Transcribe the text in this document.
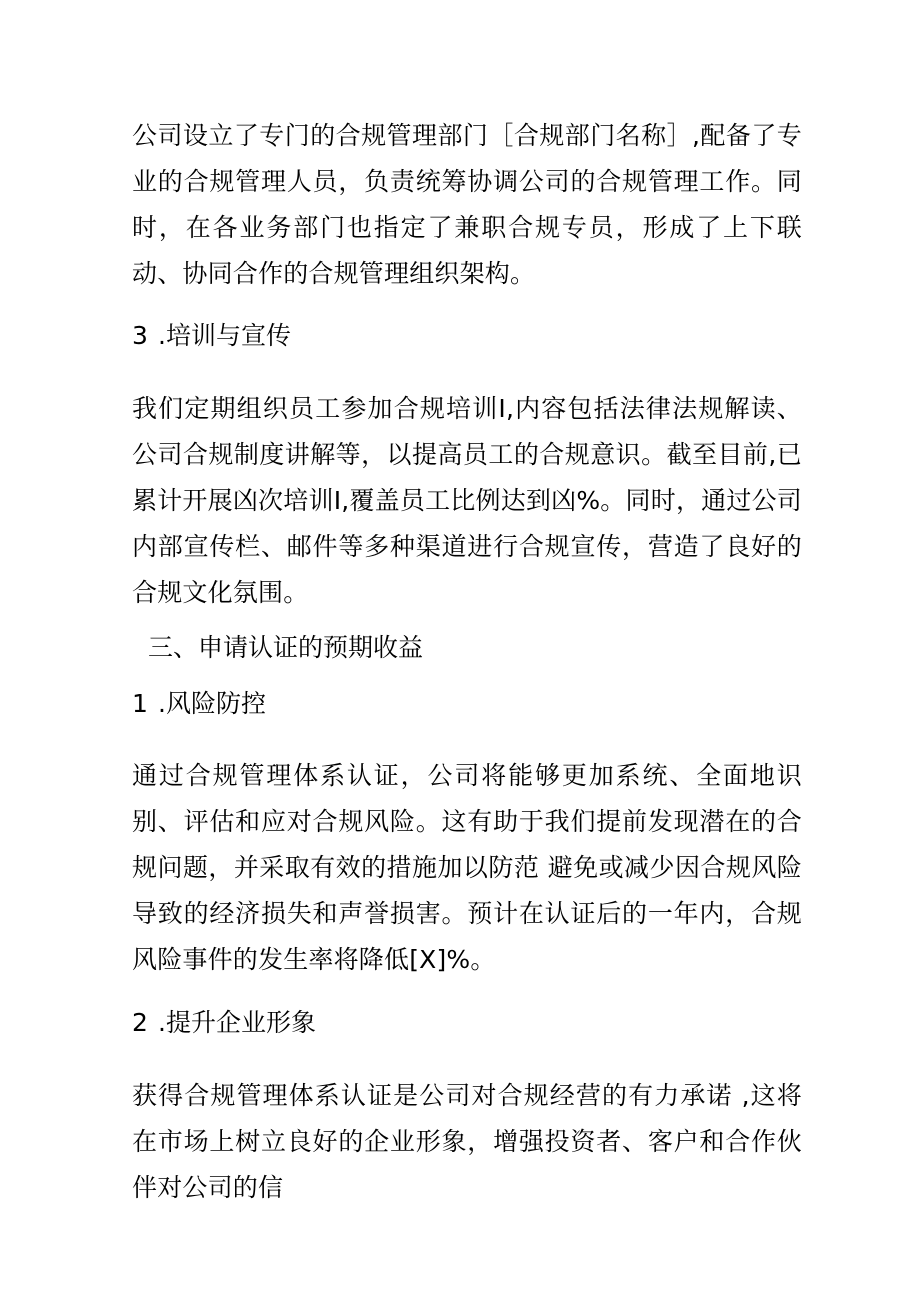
公司设立了专门的合规管理部门［合规部门名称］,配备了专业的合规管理人员，负责统筹协调公司的合规管理工作。同时，在各业务部门也指定了兼职合规专员，形成了上下联动、协同合作的合规管理组织架构。

3 .培训与宣传

我们定期组织员工参加合规培训I,内容包括法律法规解读、公司合规制度讲解等，以提高员工的合规意识。截至目前,已累计开展凶次培训I,覆盖员工比例达到凶%。同时，通过公司内部宣传栏、邮件等多种渠道进行合规宣传，营造了良好的合规文化氛围。

三、申请认证的预期收益
1 .风险防控

通过合规管理体系认证，公司将能够更加系统、全面地识别、评估和应对合规风险。这有助于我们提前发现潜在的合规问题，并采取有效的措施加以防范 避免或减少因合规风险导致的经济损失和声誉损害。预计在认证后的一年内，合规风险事件的发生率将降低[X]%。

2 .提升企业形象

获得合规管理体系认证是公司对合规经营的有力承诺 ,这将在市场上树立良好的企业形象，增强投资者、客户和合作伙伴对公司的信
